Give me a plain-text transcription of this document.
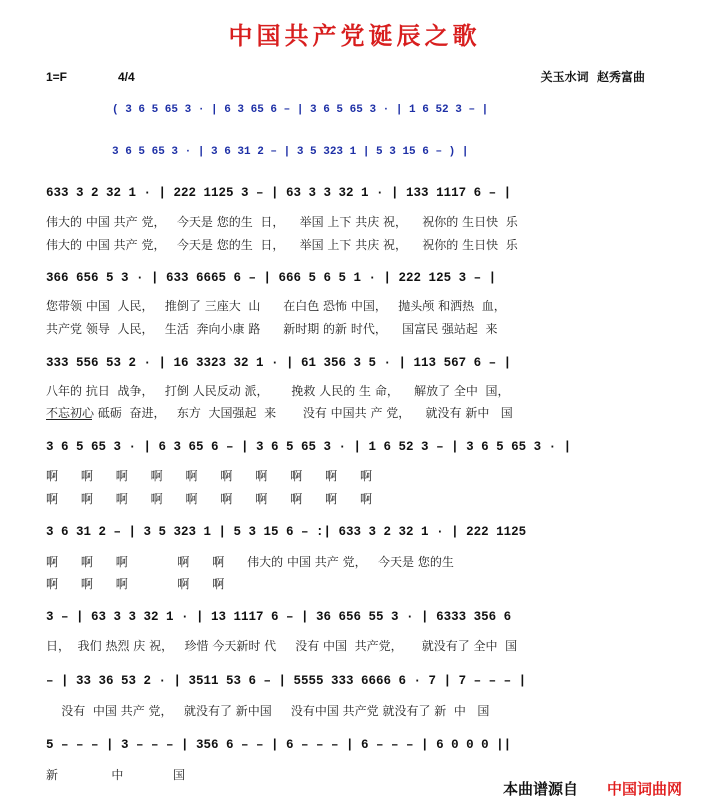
中国共产党诞辰之歌
1=F	4/4	关玉水词  赵秀富曲
( 3 6 5 65 3 · | 6 3 65 6 – | 3 6 5 65 3 · | 1 6 52 3 – |
3 6 5 65 3 · | 3 6 31 2 – | 3 5 323 1 | 5 3 15 6 – ) |
633 3 2 32 1 · | 222 1125 3 – | 63 3 3 32 1 · | 133 1117 6 – |
伟大的 中国 共产 党，   今天是 您的生  日，    举国 上下 共庆 祝，    祝你的 生日快  乐
伟大的 中国 共产 党，   今天是 您的生  日，    举国 上下 共庆 祝，    祝你的 生日快  乐
366 656 5 3 · | 633 6665 6 – | 666 5 6 5 1 · | 222 125 3 – |
您带领 中国  人民，   推倒了 三座大  山      在白色 恐怖 中国，   抛头颅 和洒热  血，
共产党 领导  人民，   生活  奔向小康 路      新时期 的新 时代，    国富民 强站起  来
333 556 53 2 · | 16 3323 32 1 · | 61 356 3 5 · | 113 567 6 – |
八年的 抗日  战争，   打倒 人民反动 派，      挽救 人民的 生 命，    解放了 全中  国，
不忘初心 砥砺  奋进，   东方  大国强起  来       没有 中国共 产 党，    就没有 新中   国
3 6 5 65 3 · | 6 3 65 6 – | 3 6 5 65 3 · | 1 6 52 3 – | 3 6 5 65 3 · |
啊      啊      啊      啊      啊      啊      啊      啊      啊      啊
啊      啊      啊      啊      啊      啊      啊      啊      啊      啊
3 6 31 2 – | 3 5 323 1 | 5 3 15 6 – :| 633 3 2 32 1 · | 222 1125
啊      啊      啊             啊      啊      伟大的 中国 共产 党，   今天是 您的生
啊      啊      啊             啊      啊
3 – | 63 3 3 32 1 · | 13 1117 6 – | 36 656 55 3 · | 6333 356 6
日，  我们 热烈 庆 祝，   珍惜 今天新时 代     没有 中国  共产党，     就没有了 全中  国
– | 33 36 53 2 · | 3511 53 6 – | 5555 333 6666 6 · 7 | 7 – – – |
没有  中国 共产 党，   就没有了 新中国     没有中国 共产党 就没有了 新  中   国
5 – – – | 3 – – – | 356 6 – – | 6 – – – | 6 – – – | 6 0 0 0 ||
新              中             国
本曲谱源自 中国词曲网
